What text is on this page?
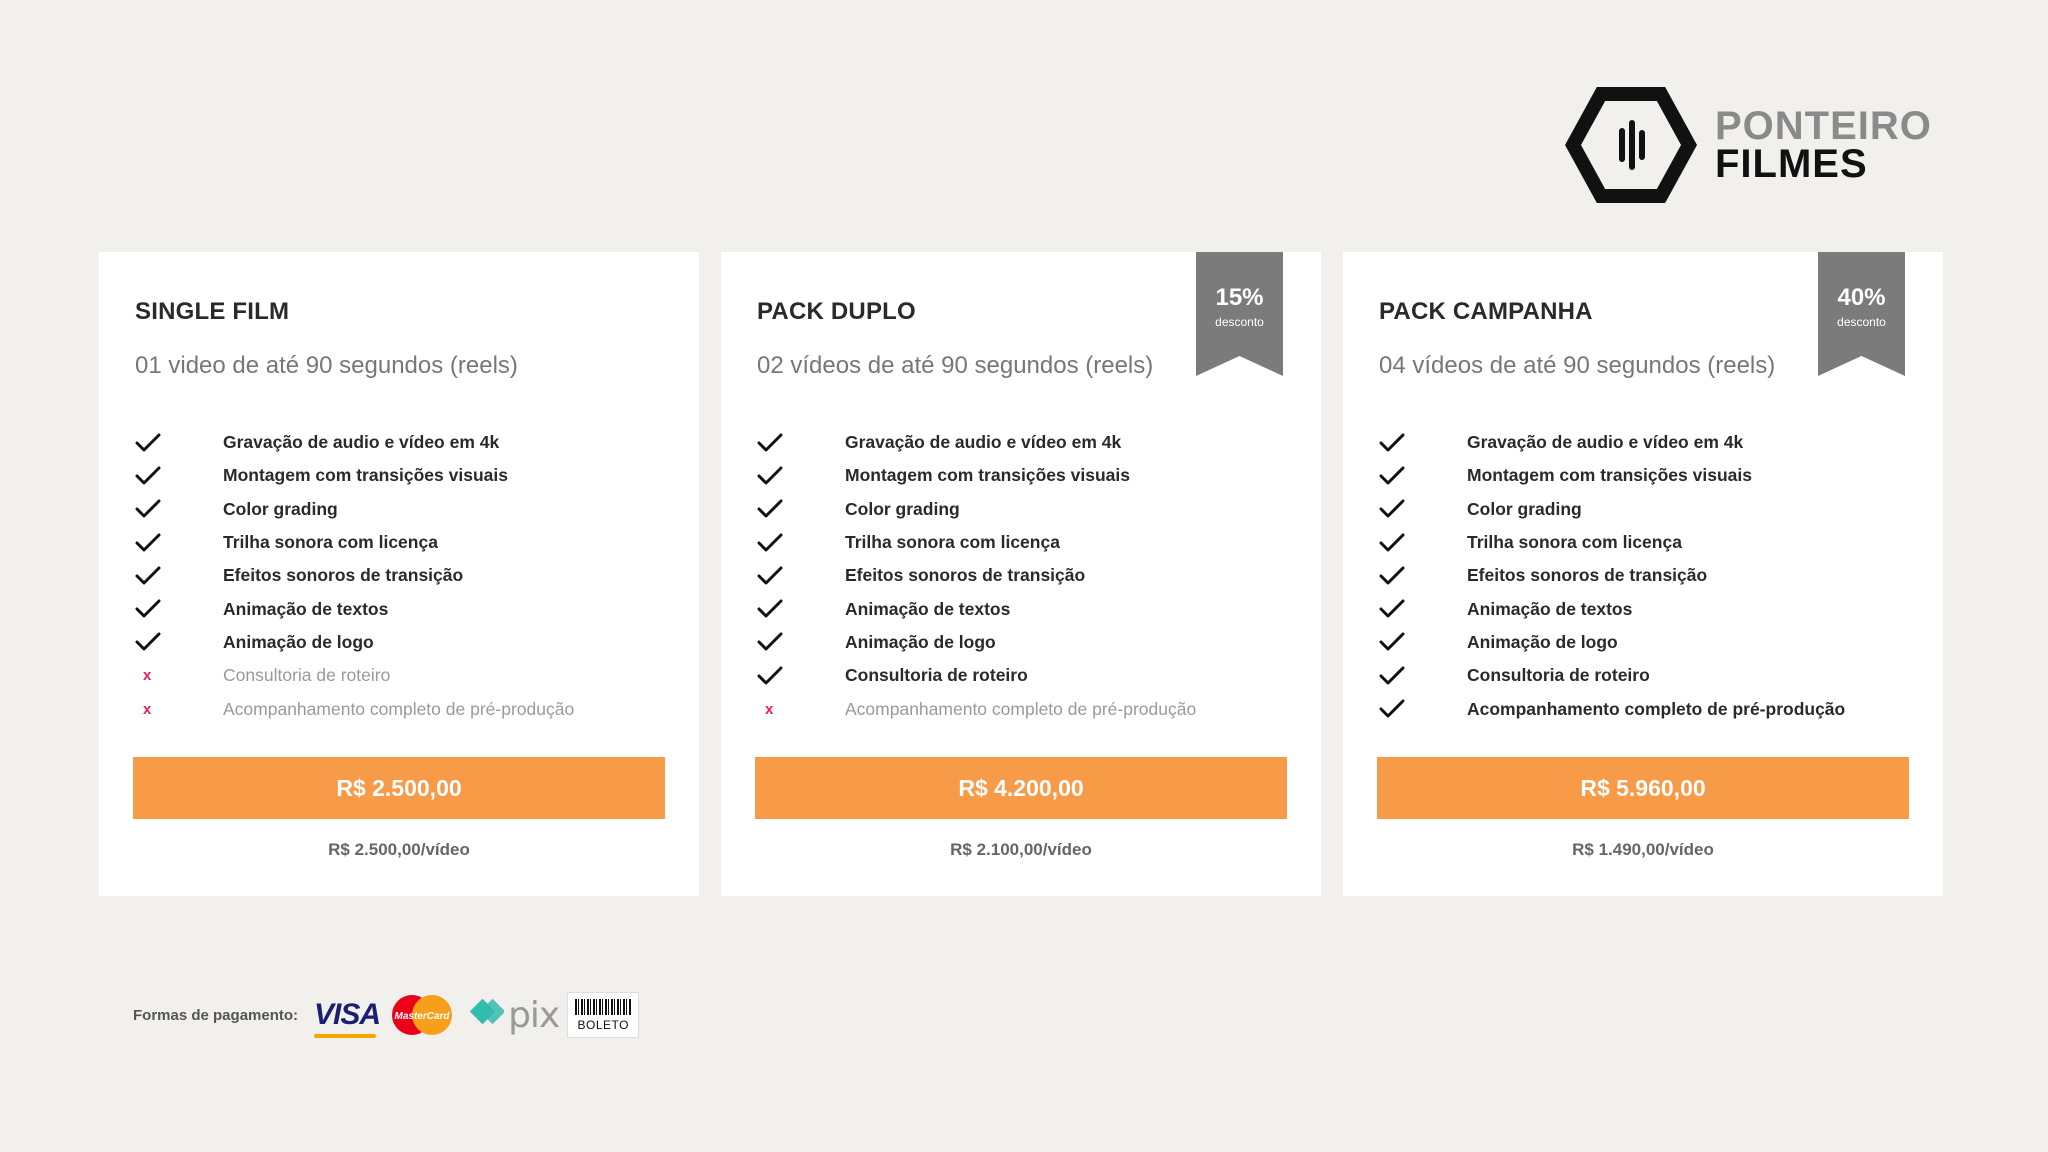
PONTEIRO
FILMES
SINGLE FILM
01 video de até 90 segundos (reels)
Gravação de audio e vídeo em 4k
Montagem com transições visuais
Color grading
Trilha sonora com licença
Efeitos sonoros de transição
Animação de textos
Animação de logo
x	Consultoria de roteiro
x	Acompanhamento completo de pré-produção
R$ 2.500,00
R$ 2.500,00/vídeo
15%
desconto
PACK DUPLO
02 vídeos de até 90 segundos (reels)
Gravação de audio e vídeo em 4k
Montagem com transições visuais
Color grading
Trilha sonora com licença
Efeitos sonoros de transição
Animação de textos
Animação de logo
Consultoria de roteiro
x	Acompanhamento completo de pré-produção
R$ 4.200,00
R$ 2.100,00/vídeo
40%
desconto
PACK CAMPANHA
04 vídeos de até 90 segundos (reels)
Gravação de audio e vídeo em 4k
Montagem com transições visuais
Color grading
Trilha sonora com licença
Efeitos sonoros de transição
Animação de textos
Animação de logo
Consultoria de roteiro
Acompanhamento completo de pré-produção
R$ 5.960,00
R$ 1.490,00/vídeo
Formas de pagamento: VISA MasterCard pix BOLETO
